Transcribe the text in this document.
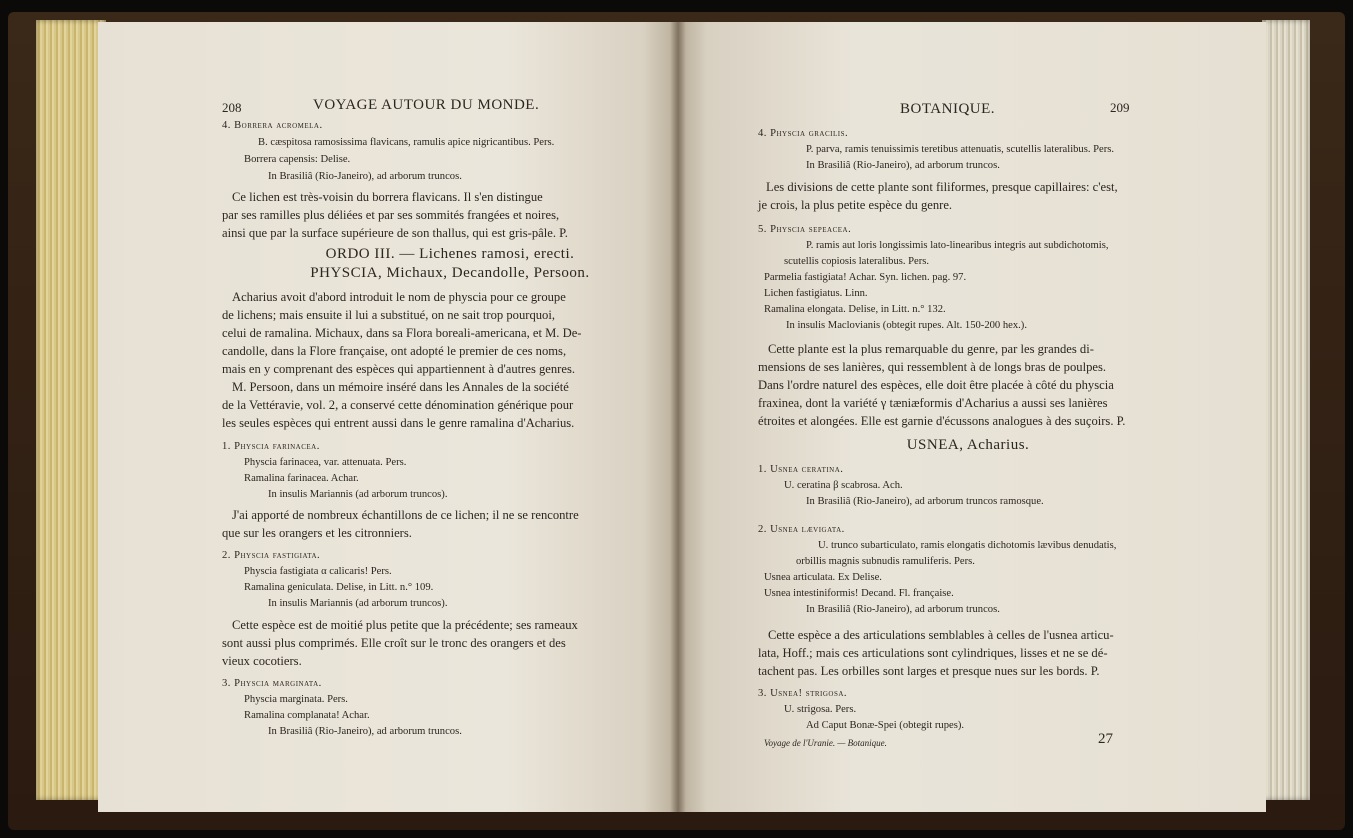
208	VOYAGE AUTOUR DU MONDE.
4. Borrera acromela.
B. cæspitosa ramosissima flavicans, ramulis apice nigricantibus. Pers.
Borrera capensis: Delise.
In Brasiliâ (Rio-Janeiro), ad arborum truncos.
Ce lichen est très-voisin du borrera flavicans. Il s'en distingue
par ses ramilles plus déliées et par ses sommités frangées et noires,
ainsi que par la surface supérieure de son thallus, qui est gris-pâle. P.
ORDO III. — Lichenes ramosi, erecti.
PHYSCIA, Michaux, Decandolle, Persoon.
Acharius avoit d'abord introduit le nom de physcia pour ce groupe
de lichens; mais ensuite il lui a substitué, on ne sait trop pourquoi,
celui de ramalina. Michaux, dans sa Flora boreali-americana, et M. De-
candolle, dans la Flore française, ont adopté le premier de ces noms,
mais en y comprenant des espèces qui appartiennent à d'autres genres.
M. Persoon, dans un mémoire inséré dans les Annales de la société
de la Vettéravie, vol. 2, a conservé cette dénomination générique pour
les seules espèces qui entrent aussi dans le genre ramalina d'Acharius.
1. Physcia farinacea.
Physcia farinacea, var. attenuata. Pers.
Ramalina farinacea. Achar.
In insulis Mariannis (ad arborum truncos).
J'ai apporté de nombreux échantillons de ce lichen; il ne se rencontre
que sur les orangers et les citronniers.
2. Physcia fastigiata.
Physcia fastigiata α calicaris! Pers.
Ramalina geniculata. Delise, in Litt. n.° 109.
In insulis Mariannis (ad arborum truncos).
Cette espèce est de moitié plus petite que la précédente; ses rameaux
sont aussi plus comprimés. Elle croît sur le tronc des orangers et des
vieux cocotiers.
3. Physcia marginata.
Physcia marginata. Pers.
Ramalina complanata! Achar.
In Brasiliâ (Rio-Janeiro), ad arborum truncos.
BOTANIQUE.	209
4. Physcia gracilis.
P. parva, ramis tenuissimis teretibus attenuatis, scutellis lateralibus. Pers.
In Brasiliâ (Rio-Janeiro), ad arborum truncos.
Les divisions de cette plante sont filiformes, presque capillaires: c'est,
je crois, la plus petite espèce du genre.
5. Physcia sepeacea.
P. ramis aut loris longissimis lato-linearibus integris aut subdichotomis,
scutellis copiosis lateralibus. Pers.
Parmelia fastigiata! Achar. Syn. lichen. pag. 97.
Lichen fastigiatus. Linn.
Ramalina elongata. Delise, in Litt. n.° 132.
In insulis Maclovianis (obtegit rupes. Alt. 150-200 hex.).
Cette plante est la plus remarquable du genre, par les grandes di-
mensions de ses lanières, qui ressemblent à de longs bras de poulpes.
Dans l'ordre naturel des espèces, elle doit être placée à côté du physcia
fraxinea, dont la variété γ tæniæformis d'Acharius a aussi ses lanières
étroites et alongées. Elle est garnie d'écussons analogues à des suçoirs. P.
USNEA, Acharius.
1. Usnea ceratina.
U. ceratina β scabrosa. Ach.
In Brasiliâ (Rio-Janeiro), ad arborum truncos ramosque.
2. Usnea lævigata.
U. trunco subarticulato, ramis elongatis dichotomis lævibus denudatis,
orbillis magnis subnudis ramuliferis. Pers.
Usnea articulata. Ex Delise.
Usnea intestiniformis! Decand. Fl. française.
In Brasiliâ (Rio-Janeiro), ad arborum truncos.
Cette espèce a des articulations semblables à celles de l'usnea articu-
lata, Hoff.; mais ces articulations sont cylindriques, lisses et ne se dé-
tachent pas. Les orbilles sont larges et presque nues sur les bords. P.
3. Usnea! strigosa.
U. strigosa. Pers.
Ad Caput Bonæ-Spei (obtegit rupes).
Voyage de l'Uranie. — Botanique.	27
